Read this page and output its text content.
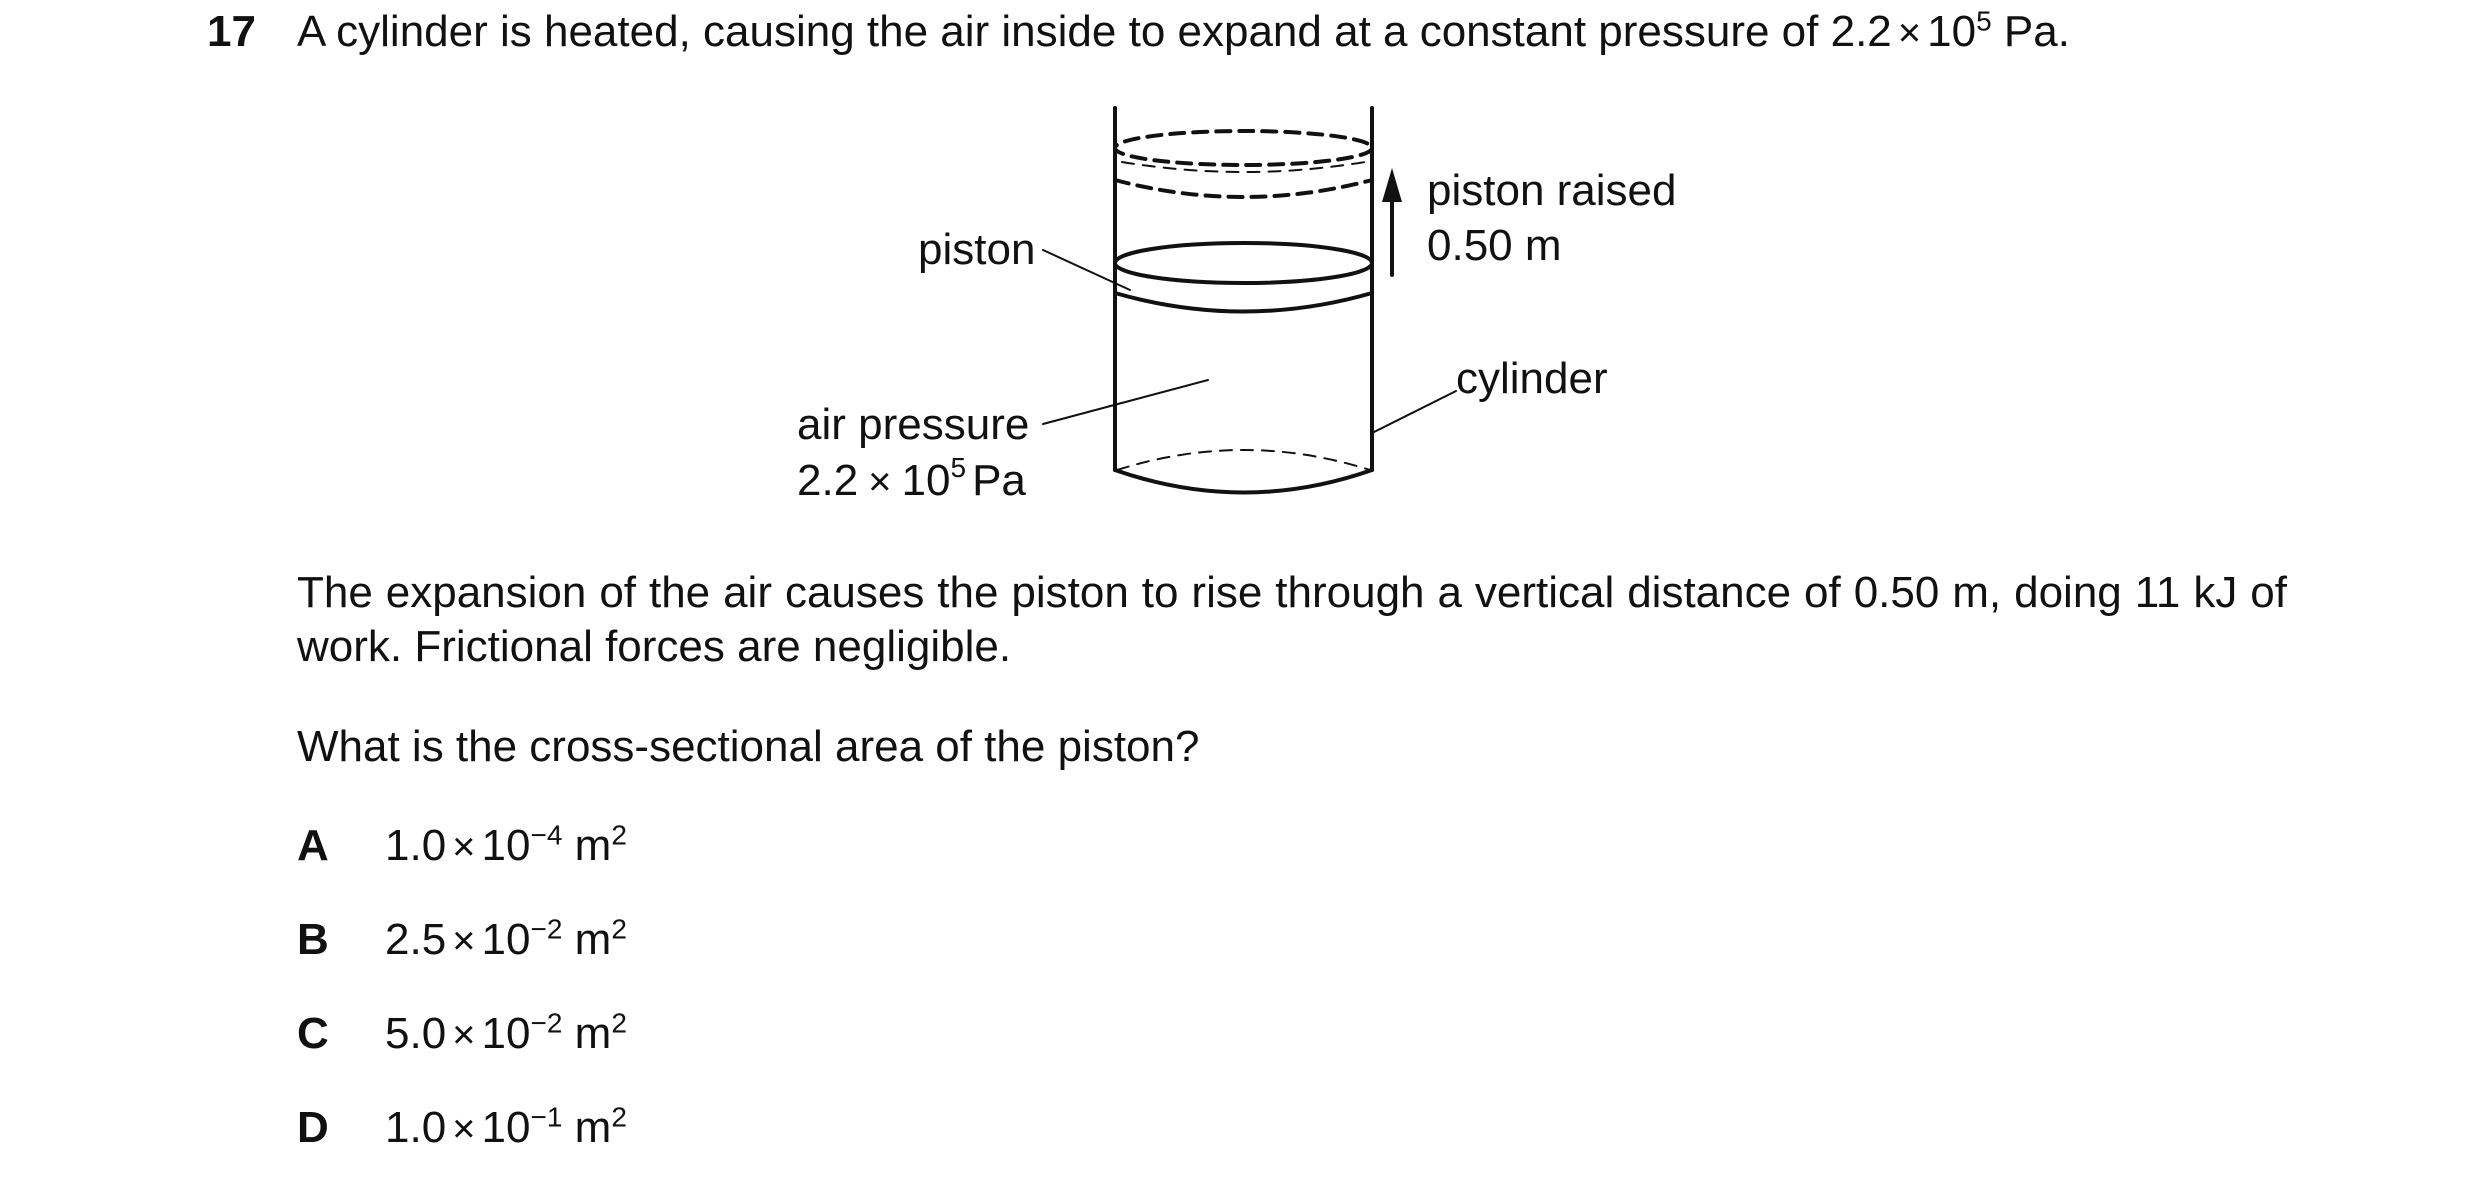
17 A cylinder is heated, causing the air inside to expand at a constant pressure of $2.2 \times 10^5$ Pa.
piston
piston raised
0.50 m
cylinder
air pressure
$2.2 \times 10^5$ Pa
The expansion of the air causes the piston to rise through a vertical distance of 0.50 m, doing 11 kJ of work. Frictional forces are negligible.
What is the cross-sectional area of the piston?
A $1.0 \times 10^{-4}$ $m^2$
B $2.5 \times 10^{-2}$ $m^2$
C $5.0 \times 10^{-2}$ $m^2$
D $1.0 \times 10^{-1}$ $m^2$
